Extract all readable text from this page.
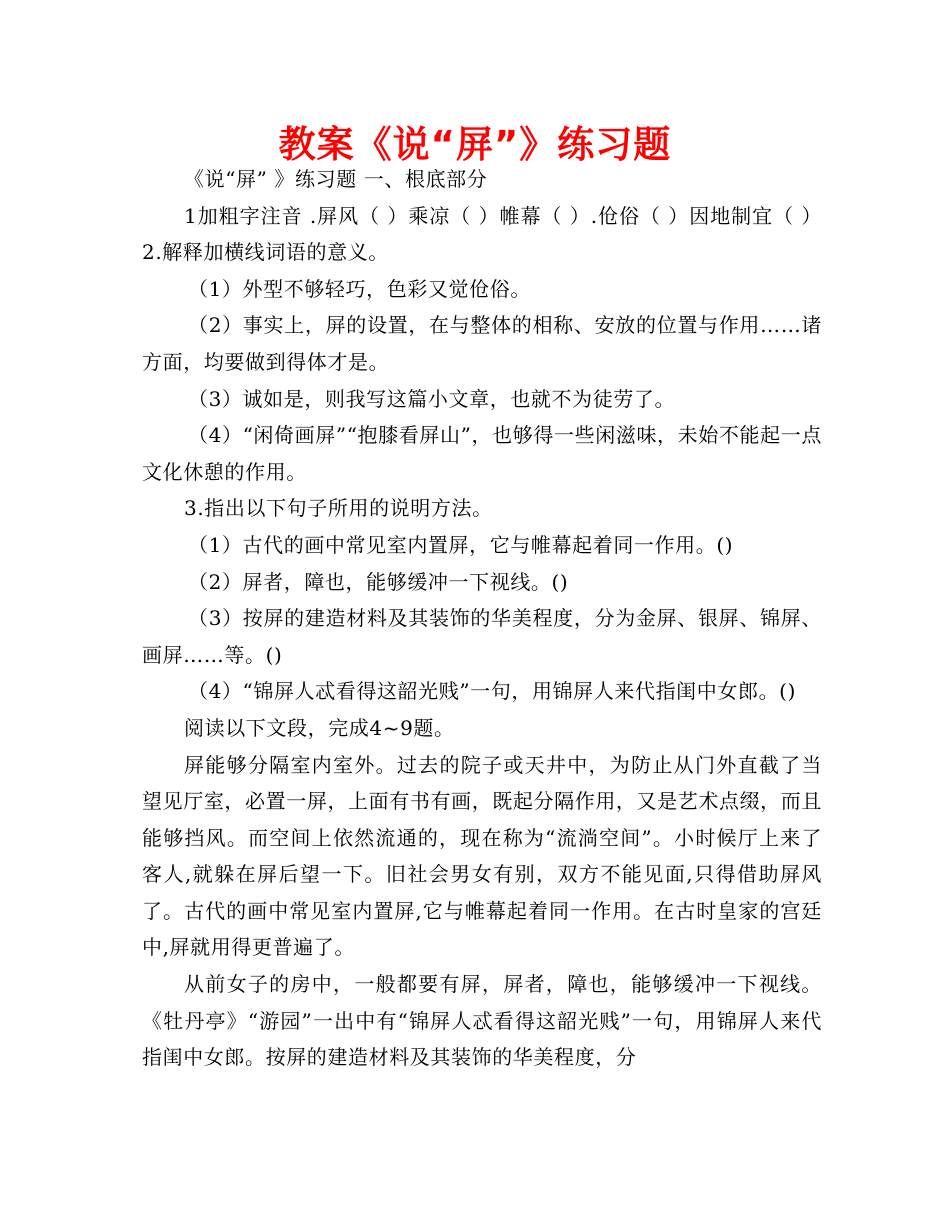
教案《说“屏”》练习题

《说“屏” 》练习题 一、根底部分

1加粗字注音 .屏风（ ）乘凉（ ）帷幕（ ）.伧俗（ ）因地制宜（ ） 2.解释加横线词语的意义。

（1）外型不够轻巧，色彩又觉伧俗。

（2）事实上，屏的设置，在与整体的相称、安放的位置与作用……诸方面，均要做到得体才是。

（3）诚如是，则我写这篇小文章，也就不为徒劳了。

（4）“闲倚画屏”“抱膝看屏山”，也够得一些闲滋味，未始不能起一点文化休憩的作用。

3.指出以下句子所用的说明方法。

（1）古代的画中常见室内置屏，它与帷幕起着同一作用。()

（2）屏者，障也，能够缓冲一下视线。()

（3）按屏的建造材料及其装饰的华美程度，分为金屏、银屏、锦屏、画屏……等。()

（4）“锦屏人忒看得这韶光贱”一句，用锦屏人来代指闺中女郎。()

阅读以下文段，完成4~9题。

屏能够分隔室内室外。过去的院子或天井中，为防止从门外直截了当望见厅室，必置一屏，上面有书有画，既起分隔作用，又是艺术点缀，而且能够挡风。而空间上依然流通的，现在称为“流淌空间”。小时候厅上来了客人,就躲在屏后望一下。旧社会男女有别，双方不能见面,只得借助屏风了。古代的画中常见室内置屏,它与帷幕起着同一作用。在古时皇家的宫廷中,屏就用得更普遍了。

从前女子的房中，一般都要有屏，屏者，障也，能够缓冲一下视线。《牡丹亭》“游园”一出中有“锦屏人忒看得这韶光贱”一句，用锦屏人来代指闺中女郎。按屏的建造材料及其装饰的华美程度，分
